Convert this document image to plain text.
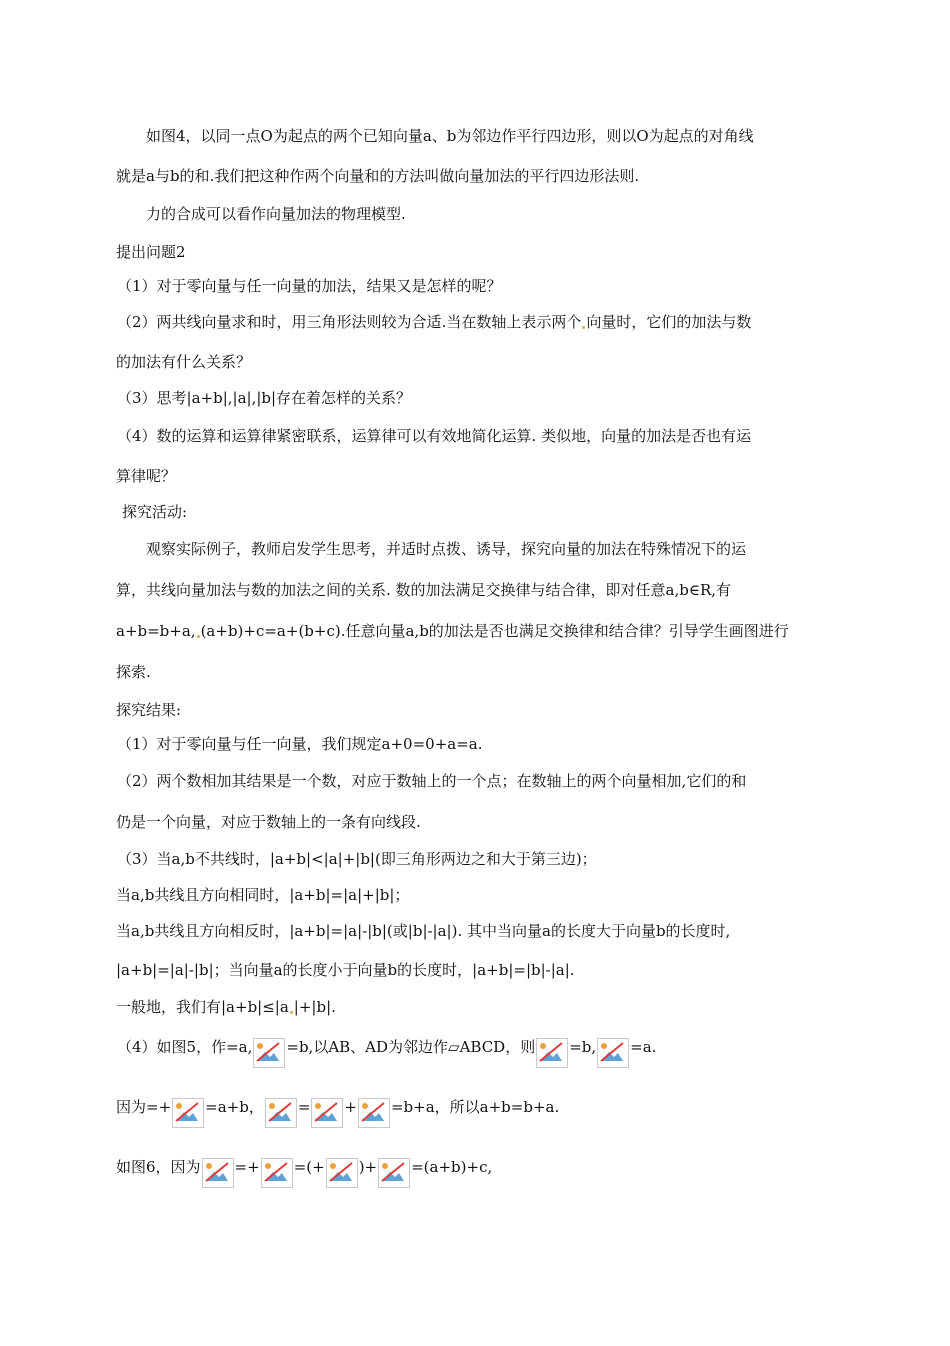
如图4，以同一点O为起点的两个已知向量a、b为邻边作平行四边形，则以O为起点的对角线
就是a与b的和.我们把这种作两个向量和的方法叫做向量加法的平行四边形法则.
力的合成可以看作向量加法的物理模型.
提出问题2
（1）对于零向量与任一向量的加法，结果又是怎样的呢？
（2）两共线向量求和时，用三角形法则较为合适.当在数轴上表示两个 向量时，它们的加法与数
的加法有什么关系？
（3）思考|a+b|,|a|,|b|存在着怎样的关系？
（4）数的运算和运算律紧密联系，运算律可以有效地简化运算. 类似地，向量的加法是否也有运
算律呢？
探究活动:
观察实际例子，教师启发学生思考，并适时点拨、诱导，探究向量的加法在特殊情况下的运
算，共线向量加法与数的加法之间的关系. 数的加法满足交换律与结合律，即对任意a,b∈R,有
a+b=b+a, (a+b)+c=a+(b+c).任意向量a,b的加法是否也满足交换律和结合律？引导学生画图进行
探索.
探究结果:
（1）对于零向量与任一向量，我们规定a+0=0+a=a.
（2）两个数相加其结果是一个数，对应于数轴上的一个点；在数轴上的两个向量相加,它们的和
仍是一个向量，对应于数轴上的一条有向线段.
（3）当a,b不共线时，|a+b|<|a|+|b|(即三角形两边之和大于第三边)；
当a,b共线且方向相同时，|a+b|=|a|+|b|；
当a,b共线且方向相反时，|a+b|=|a|-|b|(或|b|-|a|). 其中当向量a的长度大于向量b的长度时,
|a+b|=|a|-|b|；当向量a的长度小于向量b的长度时，|a+b|=|b|-|a|.
一般地，我们有|a+b|≤|a |+|b|.
（4）如图5，作=a, =b,以AB、AD为邻边作▱ABCD，则 =b, =a.
因为=+ =a+b， = + =b+a，所以a+b=b+a.
如图6，因为 =+ =(+ )+ =(a+b)+c,
